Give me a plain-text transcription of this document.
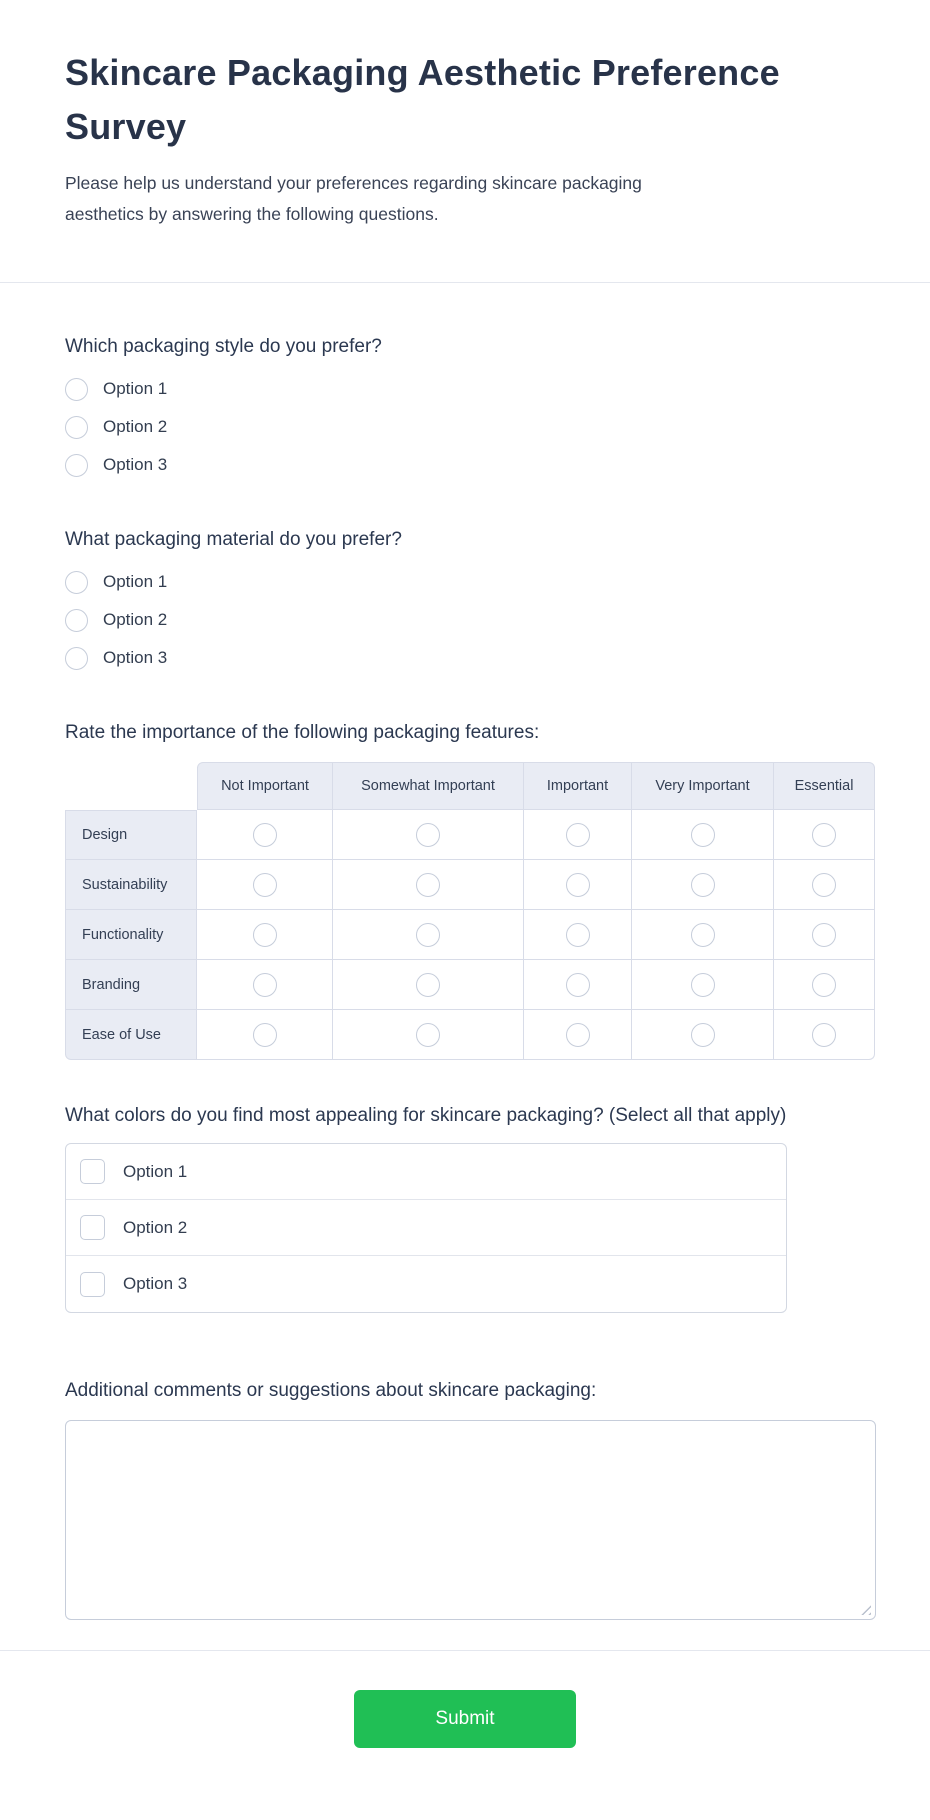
Skincare Packaging Aesthetic Preference Survey

Please help us understand your preferences regarding skincare packaging aesthetics by answering the following questions.

Which packaging style do you prefer?
Option 1
Option 2
Option 3
What packaging material do you prefer?
Option 1
Option 2
Option 3
Rate the importance of the following packaging features:
Not Important	Somewhat Important	Important	Very Important	Essential
Design
Sustainability
Functionality
Branding
Ease of Use
What colors do you find most appealing for skincare packaging? (Select all that apply)
Option 1
Option 2
Option 3
Additional comments or suggestions about skincare packaging:
Submit
